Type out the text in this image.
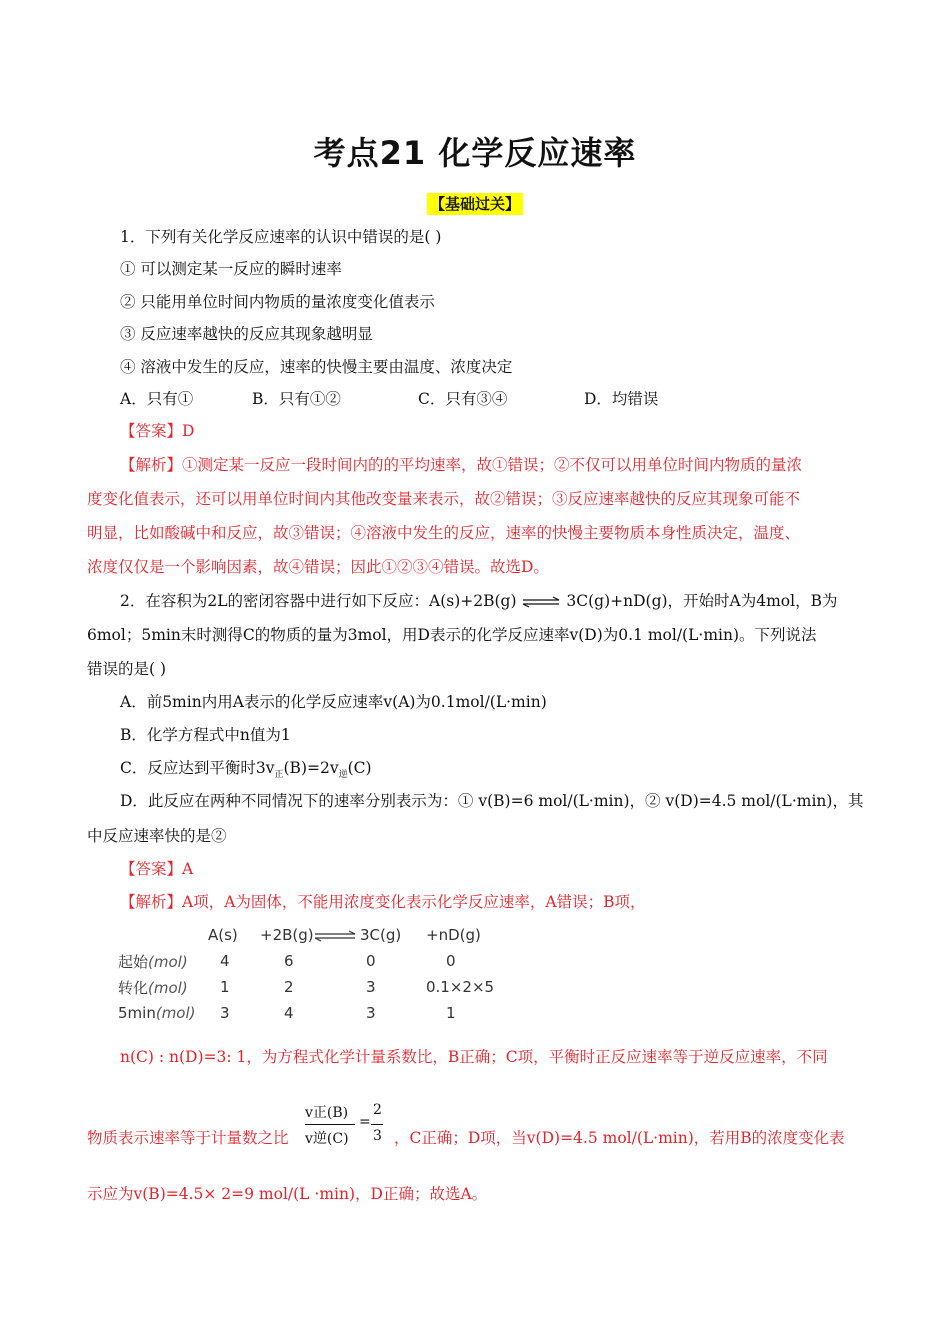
考点21 化学反应速率
【基础过关】
1．下列有关化学反应速率的认识中错误的是( )
① 可以测定某一反应的瞬时速率
② 只能用单位时间内物质的量浓度变化值表示
③ 反应速率越快的反应其现象越明显
④ 溶液中发生的反应，速率的快慢主要由温度、浓度决定
A．只有①	B．只有①②	C．只有③④	D．均错误
【答案】D
【解析】①测定某一反应一段时间内的的平均速率，故①错误；②不仅可以用单位时间内物质的量浓
度变化值表示，还可以用单位时间内其他改变量来表示，故②错误；③反应速率越快的反应其现象可能不
明显，比如酸碱中和反应，故③错误；④溶液中发生的反应，速率的快慢主要物质本身性质决定，温度、
浓度仅仅是一个影响因素，故④错误；因此①②③④错误。故选D。
2．在容积为2L的密闭容器中进行如下反应：A(s)+2B(g) ⇌ 3C(g)+nD(g)，开始时A为4mol，B为
6mol；5min末时测得C的物质的量为3mol，用D表示的化学反应速率v(D)为0.1 mol/(L·min)。下列说法
错误的是( )
A．前5min内用A表示的化学反应速率v(A)为0.1mol/(L·min)
B．化学方程式中n值为1
C．反应达到平衡时$3v_正(B)=2v_逆(C)$
D．此反应在两种不同情况下的速率分别表示为：① v(B)=6 mol/(L·min)，② v(D)=4.5 mol/(L·min)，其
中反应速率快的是②
【答案】A
【解析】A项，A为固体，不能用浓度变化表示化学反应速率，A错误；B项，
	A(s)	+2B(g)⇌	3C(g)	+nD(g)
起始(mol)	4	6	0	0
转化(mol)	1	2	3	0.1×2×5
5min(mol)	3	4	3	1
n(C) : n(D)=3: 1，为方程式化学计量系数比，B正确；C项，平衡时正反应速率等于逆反应速率，不同
v正(B)
v逆(C)
=
2
3
物质表示速率等于计量数之比	，C正确；D项，当v(D)=4.5 mol/(L·min)，若用B的浓度变化表
示应为v(B)=4.5× 2=9 mol/(L ·min)，D正确；故选A。
